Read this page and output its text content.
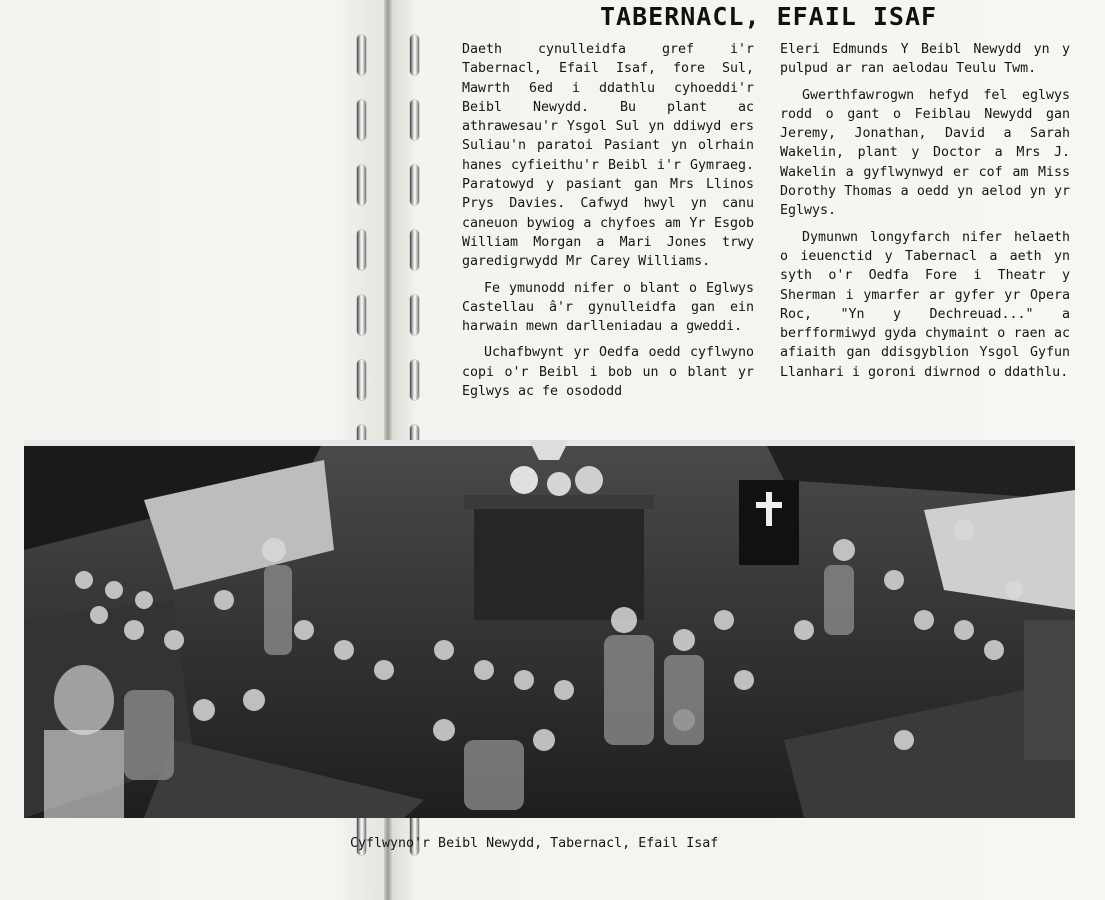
TABERNACL, EFAIL ISAF

Daeth cynulleidfa gref i'r Tabernacl, Efail Isaf, fore Sul, Mawrth 6ed i ddathlu cyhoeddi'r Beibl Newydd. Bu plant ac athrawesau'r Ysgol Sul yn ddiwyd ers Suliau'n paratoi Pasiant yn olrhain hanes cyfieithu'r Beibl i'r Gymraeg. Paratowyd y pasiant gan Mrs Llinos Prys Davies. Cafwyd hwyl yn canu caneuon bywiog a chyfoes am Yr Esgob William Morgan a Mari Jones trwy garedigrwydd Mr Carey Williams.

Fe ymunodd nifer o blant o Eglwys Castellau â'r gynulleidfa gan ein harwain mewn darlleniadau a gweddi.

Uchafbwynt yr Oedfa oedd cyflwyno copi o'r Beibl i bob un o blant yr Eglwys ac fe osododd

Eleri Edmunds Y Beibl Newydd yn y pulpud ar ran aelodau Teulu Twm.

Gwerthfawrogwn hefyd fel eglwys rodd o gant o Feiblau Newydd gan Jeremy, Jonathan, David a Sarah Wakelin, plant y Doctor a Mrs J. Wakelin a gyflwynwyd er cof am Miss Dorothy Thomas a oedd yn aelod yn yr Eglwys.

Dymunwn longyfarch nifer helaeth o ieuenctid y Tabernacl a aeth yn syth o'r Oedfa Fore i Theatr y Sherman i ymarfer ar gyfer yr Opera Roc, "Yn y Dechreuad..." a berfformiwyd gyda chymaint o raen ac afiaith gan ddisgyblion Ysgol Gyfun Llanhari i goroni diwrnod o ddathlu.

Cyflwyno'r Beibl Newydd, Tabernacl, Efail Isaf
